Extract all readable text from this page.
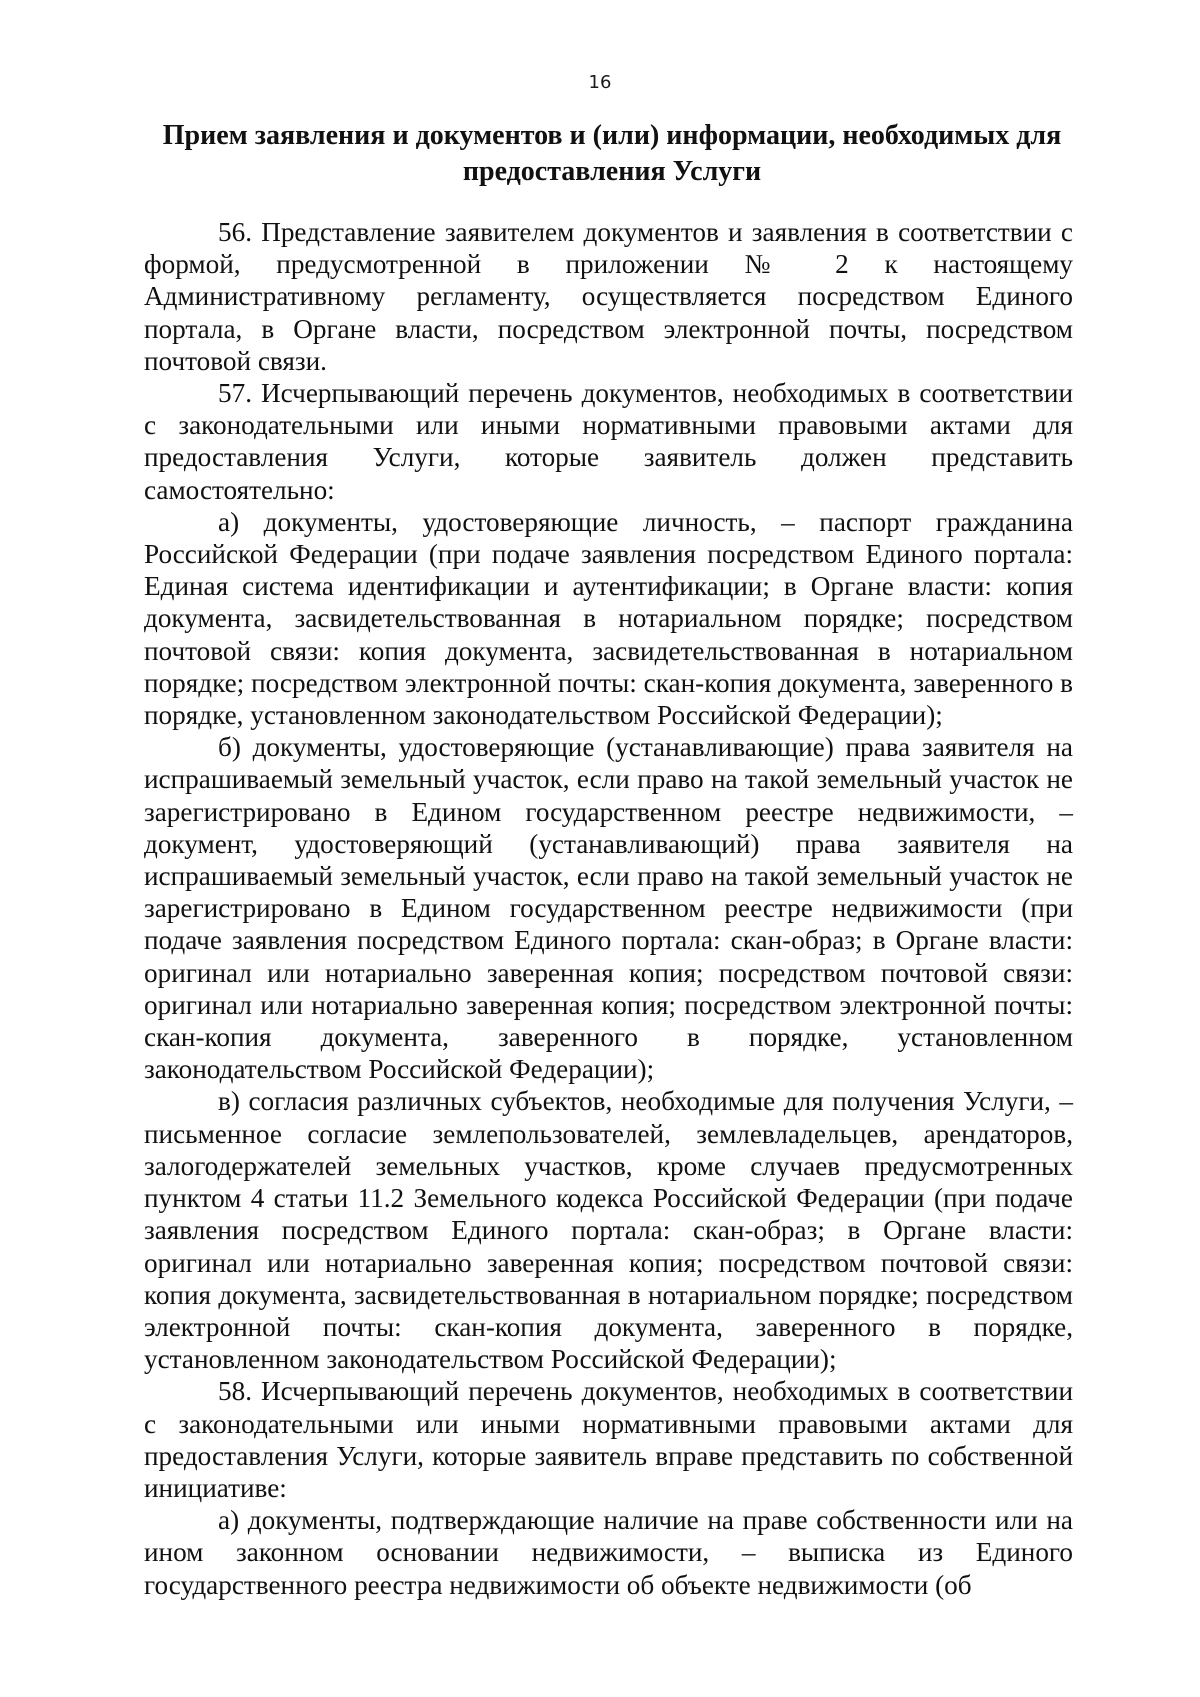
16
Прием заявления и документов и (или) информации, необходимых для предоставления Услуги

56. Представление заявителем документов и заявления в соответствии с формой, предусмотренной в приложении № 2 к настоящему Административному регламенту, осуществляется посредством Единого портала, в Органе власти, посредством электронной почты, посредством почтовой связи.

57. Исчерпывающий перечень документов, необходимых в соответствии с законодательными или иными нормативными правовыми актами для предоставления Услуги, которые заявитель должен представить самостоятельно:

а) документы, удостоверяющие личность, – паспорт гражданина Российской Федерации (при подаче заявления посредством Единого портала: Единая система идентификации и аутентификации; в Органе власти: копия документа, засвидетельствованная в нотариальном порядке; посредством почтовой связи: копия документа, засвидетельствованная в нотариальном порядке; посредством электронной почты: скан-копия документа, заверенного в порядке, установленном законодательством Российской Федерации);

б) документы, удостоверяющие (устанавливающие) права заявителя на испрашиваемый земельный участок, если право на такой земельный участок не зарегистрировано в Едином государственном реестре недвижимости, – документ, удостоверяющий (устанавливающий) права заявителя на испрашиваемый земельный участок, если право на такой земельный участок не зарегистрировано в Едином государственном реестре недвижимости (при подаче заявления посредством Единого портала: скан-образ; в Органе власти: оригинал или нотариально заверенная копия; посредством почтовой связи: оригинал или нотариально заверенная копия; посредством электронной почты: скан-копия документа, заверенного в порядке, установленном законодательством Российской Федерации);

в) согласия различных субъектов, необходимые для получения Услуги, – письменное согласие землепользователей, землевладельцев, арендаторов, залогодержателей земельных участков, кроме случаев предусмотренных пунктом 4 статьи 11.2 Земельного кодекса Российской Федерации (при подаче заявления посредством Единого портала: скан-образ; в Органе власти: оригинал или нотариально заверенная копия; посредством почтовой связи: копия документа, засвидетельствованная в нотариальном порядке; посредством электронной почты: скан-копия документа, заверенного в порядке, установленном законодательством Российской Федерации);

58. Исчерпывающий перечень документов, необходимых в соответствии с законодательными или иными нормативными правовыми актами для предоставления Услуги, которые заявитель вправе представить по собственной инициативе:

а) документы, подтверждающие наличие на праве собственности или на ином законном основании недвижимости, – выписка из Единого государственного реестра недвижимости об объекте недвижимости (об
